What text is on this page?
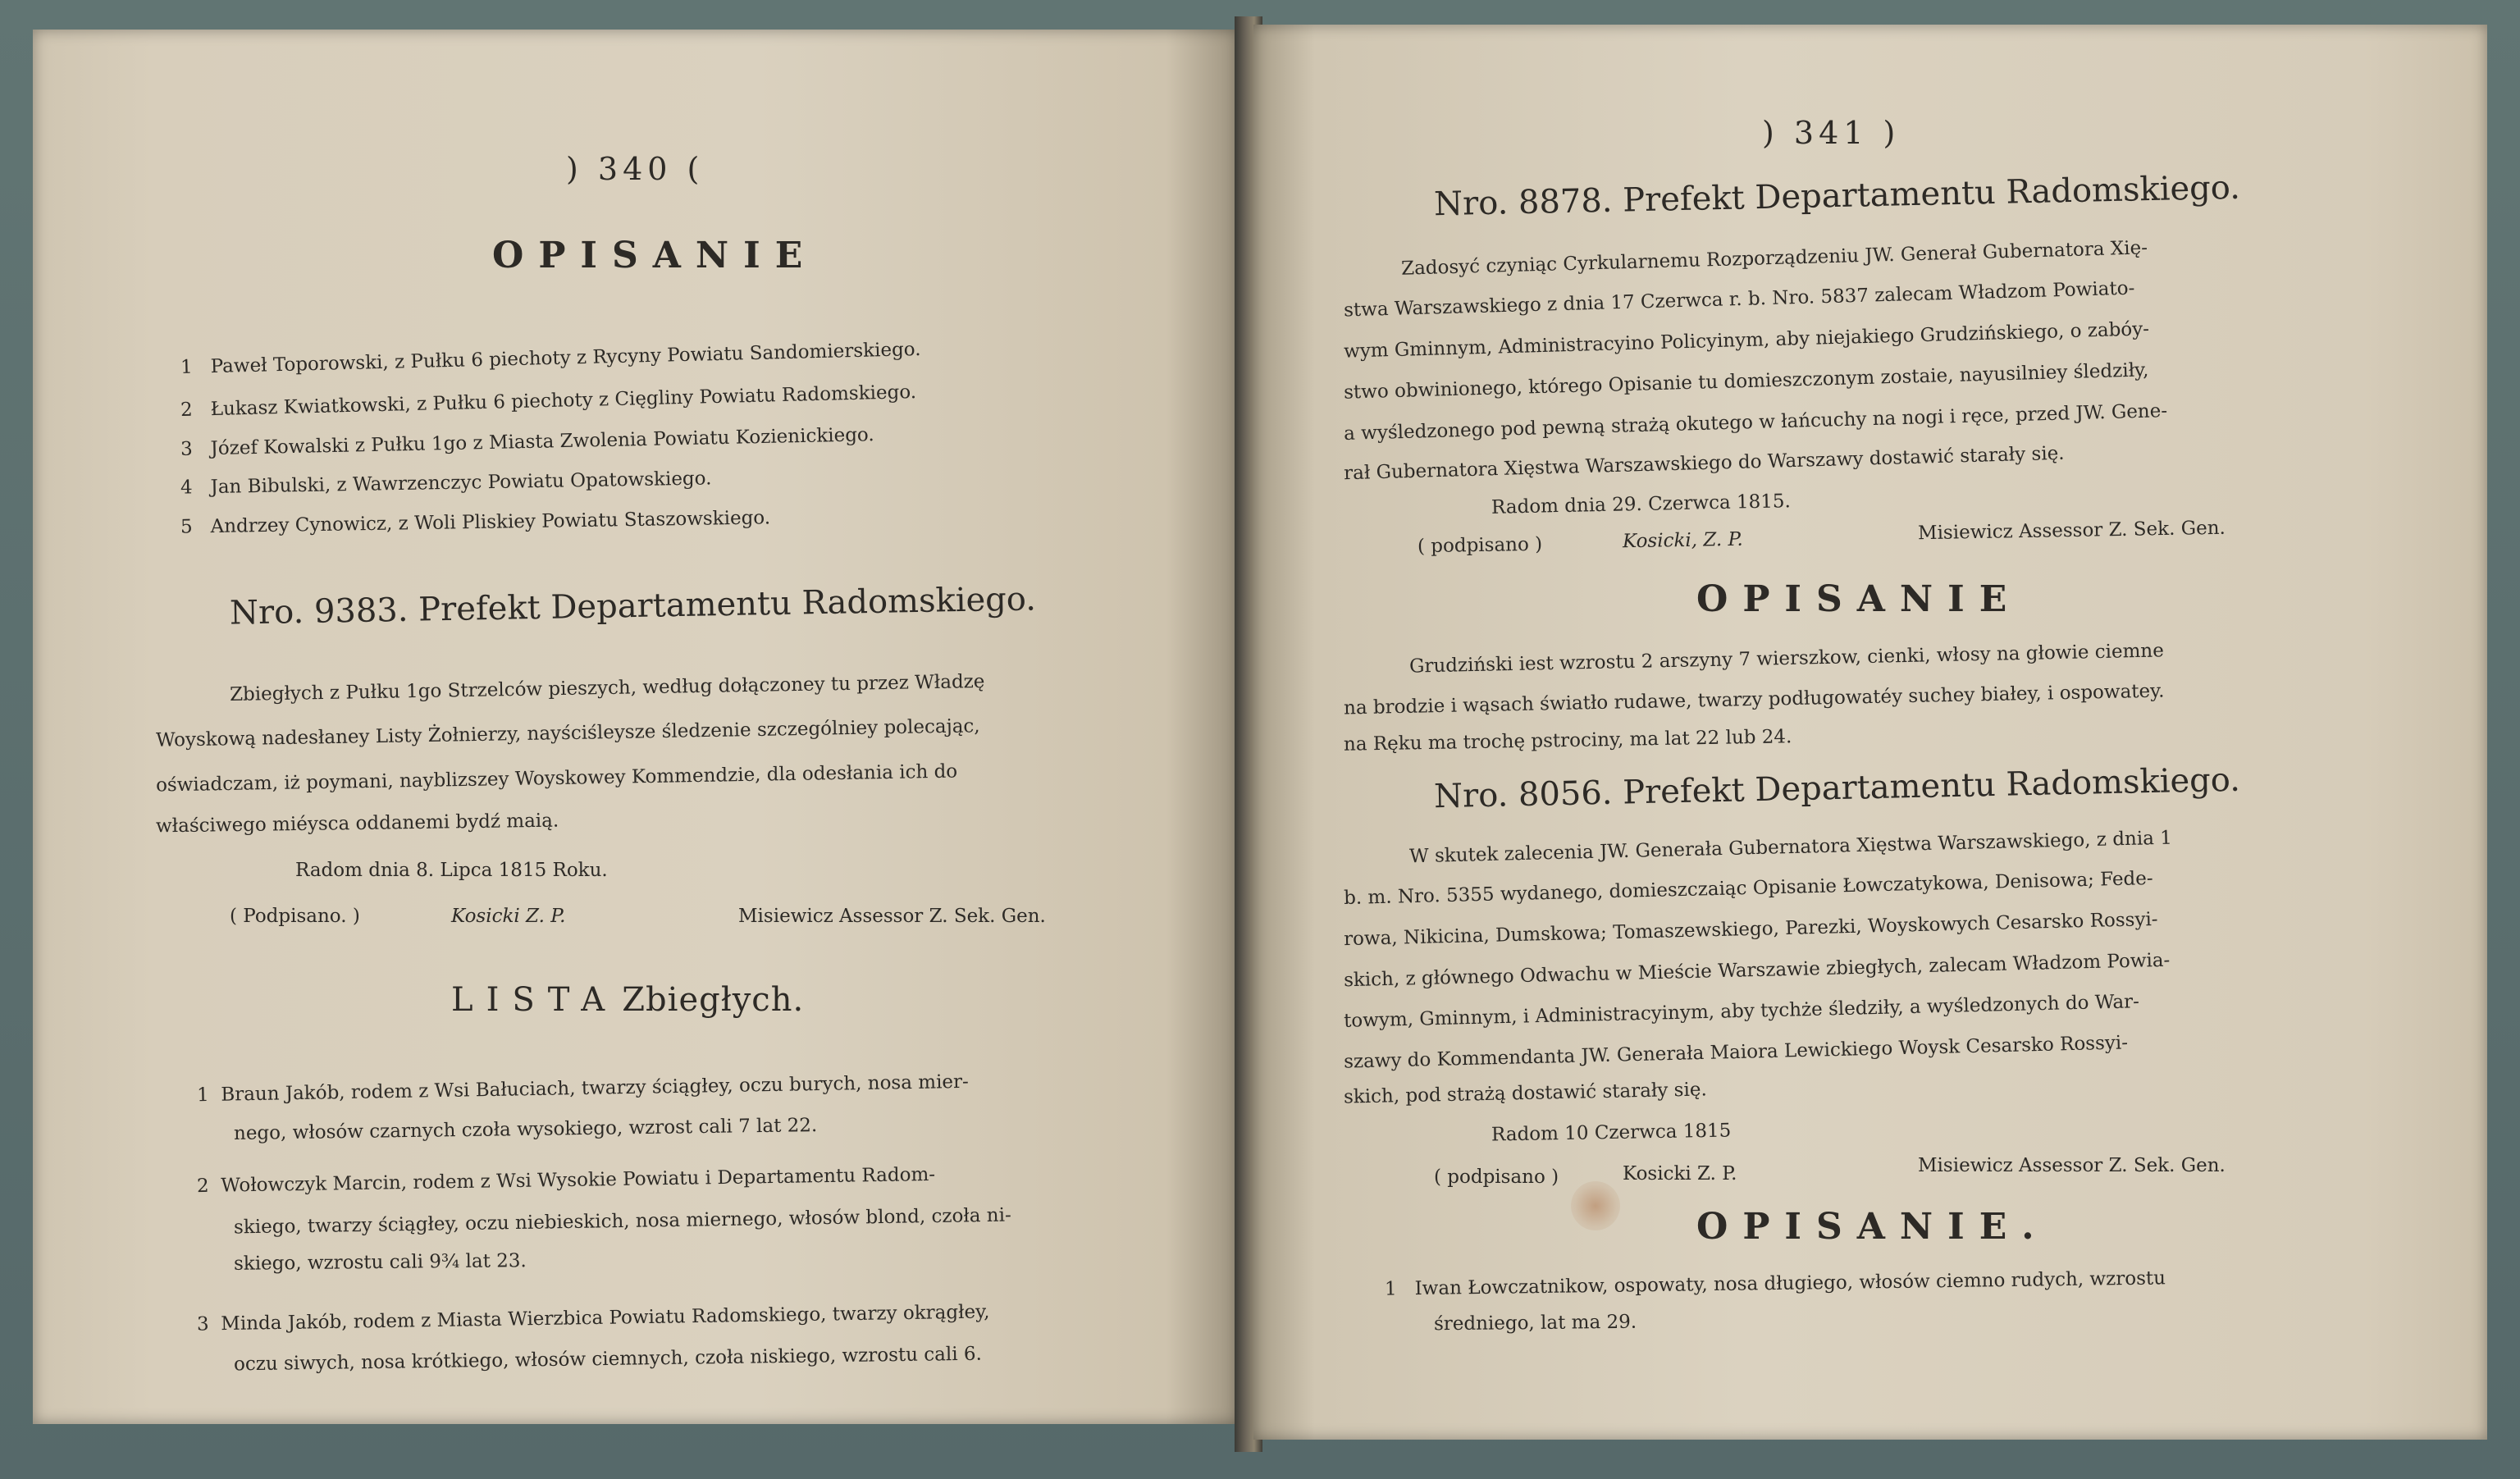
) 340 (
OPISANIE
1 Paweł Toporowski, z Pułku 6 piechoty z Rycyny Powiatu Sandomierskiego.
2 Łukasz Kwiatkowski, z Pułku 6 piechoty z Cięgliny Powiatu Radomskiego.
3 Józef Kowalski z Pułku 1go z Miasta Zwolenia Powiatu Kozienickiego.
4 Jan Bibulski, z Wawrzenczyc Powiatu Opatowskiego.
5 Andrzey Cynowicz, z Woli Pliskiey Powiatu Staszowskiego.
Nro. 9383. Prefekt Departamentu Radomskiego.
Zbiegłych z Pułku 1go Strzelców pieszych, według dołączoney tu przez Władzę
Woyskową nadesłaney Listy Żołnierzy, nayściśleysze śledzenie szczególniey polecając,
oświadczam, iż poymani, nayblizszey Woyskowey Kommendzie, dla odesłania ich do
właściwego miéysca oddanemi bydź maią.
Radom dnia 8. Lipca 1815 Roku.
( Podpisano. )	Kosicki Z. P.	Misiewicz Assessor Z. Sek. Gen.
LISTA Zbiegłych.
1 Braun Jakób, rodem z Wsi Bałuciach, twarzy ściągłey, oczu burych, nosa mier-
nego, włosów czarnych czoła wysokiego, wzrost cali 7 lat 22.
2 Wołowczyk Marcin, rodem z Wsi Wysokie Powiatu i Departamentu Radom-
skiego, twarzy ściągłey, oczu niebieskich, nosa miernego, włosów blond, czoła ni-
skiego, wzrostu cali 9¾ lat 23.
3 Minda Jakób, rodem z Miasta Wierzbica Powiatu Radomskiego, twarzy okrągłey,
oczu siwych, nosa krótkiego, włosów ciemnych, czoła niskiego, wzrostu cali 6.
) 341 )
Nro. 8878. Prefekt Departamentu Radomskiego.
Zadosyć czyniąc Cyrkularnemu Rozporządzeniu JW. Generał Gubernatora Xię-
stwa Warszawskiego z dnia 17 Czerwca r. b. Nro. 5837 zalecam Władzom Powiato-
wym Gminnym, Administracyino Policyinym, aby niejakiego Grudzińskiego, o zabóy-
stwo obwinionego, którego Opisanie tu domieszczonym zostaie, nayusilniey śledziły,
a wyśledzonego pod pewną strażą okutego w łańcuchy na nogi i ręce, przed JW. Gene-
rał Gubernatora Xięstwa Warszawskiego do Warszawy dostawić starały się.
Radom dnia 29. Czerwca 1815.
( podpisano )	Kosicki, Z. P.	Misiewicz Assessor Z. Sek. Gen.
OPISANIE
Grudziński iest wzrostu 2 arszyny 7 wierszkow, cienki, włosy na głowie ciemne
na brodzie i wąsach światło rudawe, twarzy podługowatéy suchey białey, i ospowatey.
na Ręku ma trochę pstrociny, ma lat 22 lub 24.
Nro. 8056. Prefekt Departamentu Radomskiego.
W skutek zalecenia JW. Generała Gubernatora Xięstwa Warszawskiego, z dnia 1
b. m. Nro. 5355 wydanego, domieszczaiąc Opisanie Łowczatykowa, Denisowa; Fede-
rowa, Nikicina, Dumskowa; Tomaszewskiego, Parezki, Woyskowych Cesarsko Rossyi-
skich, z głównego Odwachu w Mieście Warszawie zbiegłych, zalecam Władzom Powia-
towym, Gminnym, i Administracyinym, aby tychże śledziły, a wyśledzonych do War-
szawy do Kommendanta JW. Generała Maiora Lewickiego Woysk Cesarsko Rossyi-
skich, pod strażą dostawić starały się.
Radom 10 Czerwca 1815
( podpisano )	Kosicki Z. P.	Misiewicz Assessor Z. Sek. Gen.
OPISANIE.
1 Iwan Łowczatnikow, ospowaty, nosa długiego, włosów ciemno rudych, wzrostu
średniego, lat ma 29.
